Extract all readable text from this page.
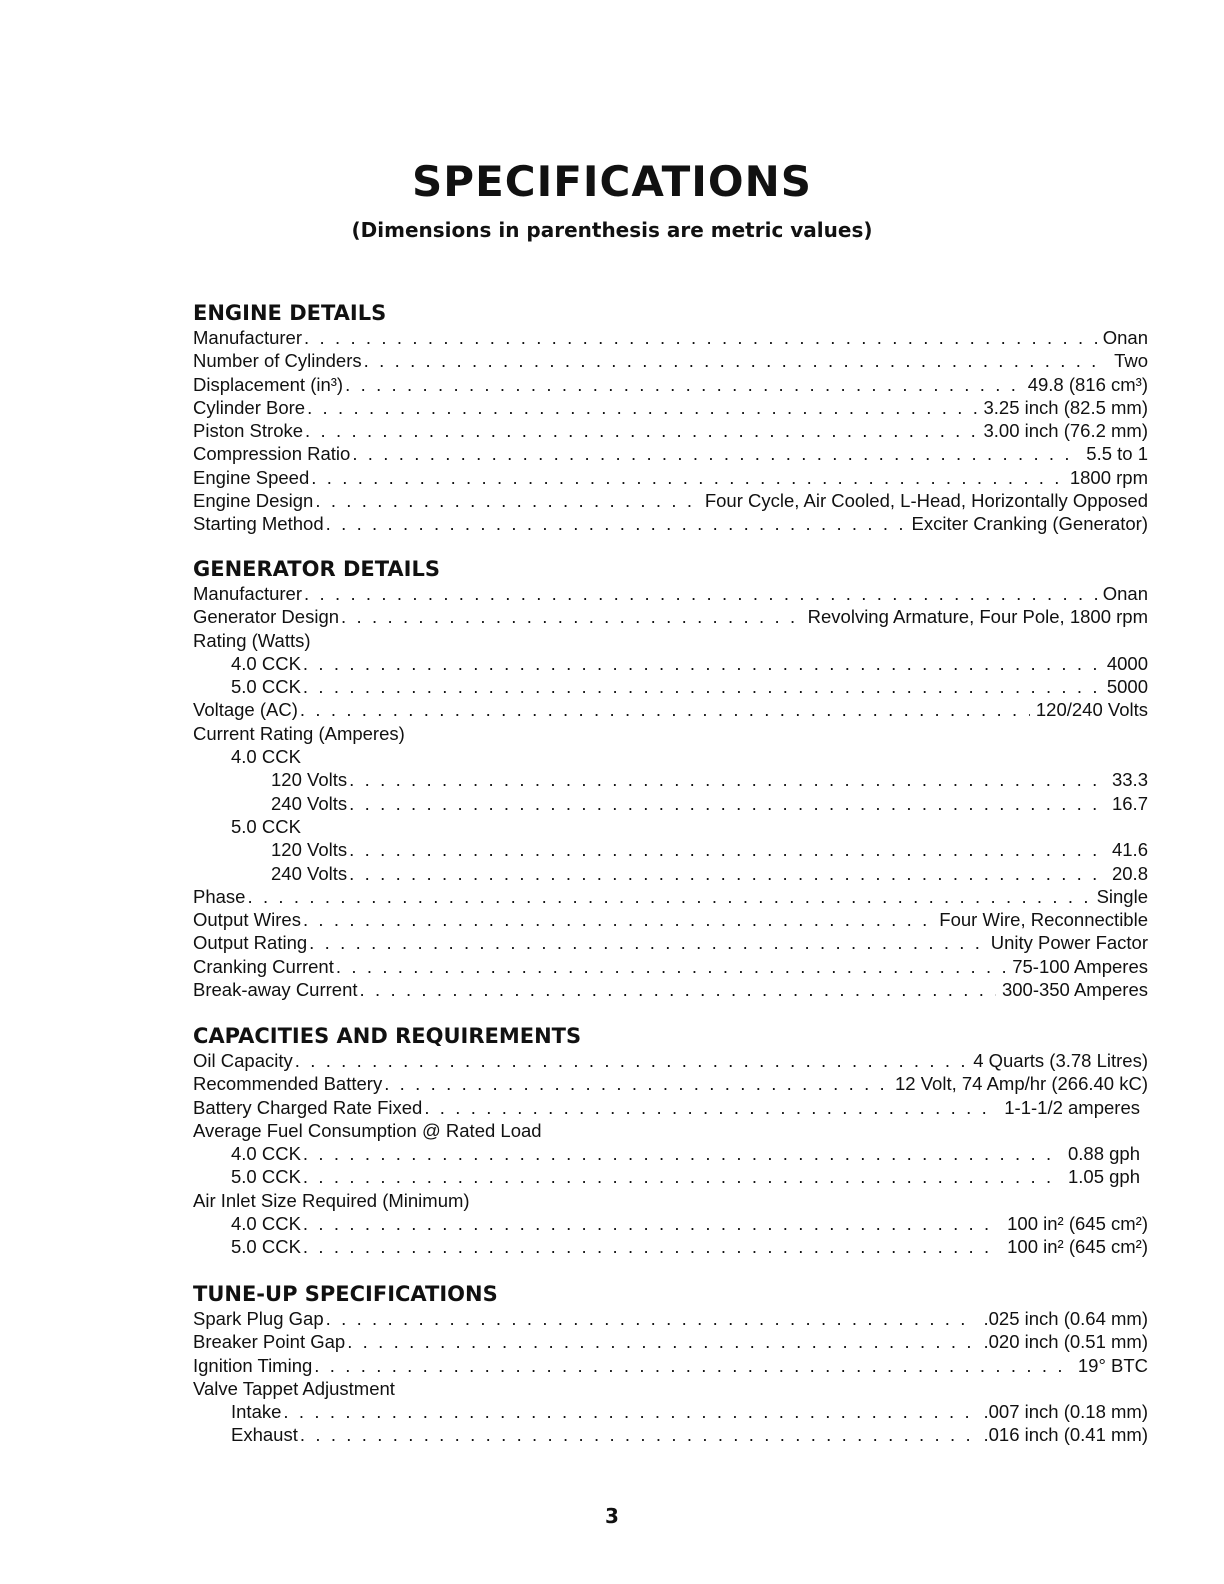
SPECIFICATIONS
(Dimensions in parenthesis are metric values)
ENGINE DETAILS
Manufacturer . . .	Onan
Number of Cylinders . . .	Two
Displacement (in³) . . .	49.8 (816 cm³)
Cylinder Bore . . .	3.25 inch (82.5 mm)
Piston Stroke . . .	3.00 inch (76.2 mm)
Compression Ratio . . .	5.5 to 1
Engine Speed . . .	1800 rpm
Engine Design . . .	Four Cycle, Air Cooled, L-Head, Horizontally Opposed
Starting Method . . .	Exciter Cranking (Generator)
GENERATOR DETAILS
Manufacturer . . .	Onan
Generator Design . . .	Revolving Armature, Four Pole, 1800 rpm
Rating (Watts)
4.0 CCK . . .	4000
5.0 CCK . . .	5000
Voltage (AC) . . .	120/240 Volts
Current Rating (Amperes)
4.0 CCK
120 Volts . . .	33.3
240 Volts . . .	16.7
5.0 CCK
120 Volts . . .	41.6
240 Volts . . .	20.8
Phase . . .	Single
Output Wires . . .	Four Wire, Reconnectible
Output Rating . . .	Unity Power Factor
Cranking Current . . .	75-100 Amperes
Break-away Current . . .	300-350 Amperes
CAPACITIES AND REQUIREMENTS
Oil Capacity . . .	4 Quarts (3.78 Litres)
Recommended Battery . . .	12 Volt, 74 Amp/hr (266.40 kC)
Battery Charged Rate Fixed . . .	1-1-1/2 amperes
Average Fuel Consumption @ Rated Load
4.0 CCK . . .	0.88 gph
5.0 CCK . . .	1.05 gph
Air Inlet Size Required (Minimum)
4.0 CCK . . .	100 in² (645 cm²)
5.0 CCK . . .	100 in² (645 cm²)
TUNE-UP SPECIFICATIONS
Spark Plug Gap . . .	.025 inch (0.64 mm)
Breaker Point Gap . . .	.020 inch (0.51 mm)
Ignition Timing . . .	19° BTC
Valve Tappet Adjustment
Intake . . .	.007 inch (0.18 mm)
Exhaust . . .	.016 inch (0.41 mm)
3
